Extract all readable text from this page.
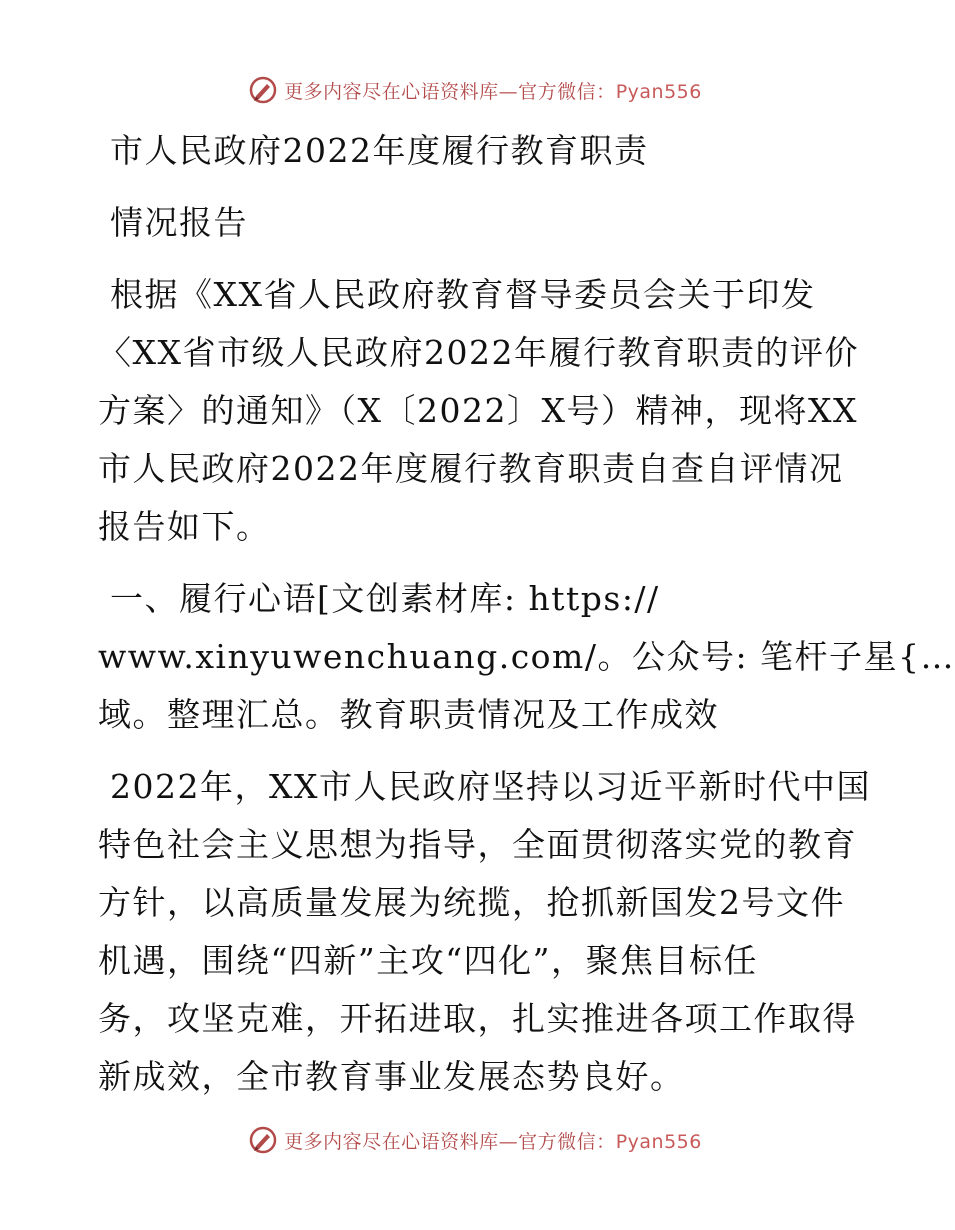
更多内容尽在心语资料库—官方微信：Pyan556
市人民政府2022年度履行教育职责
情况报告
根据《XX省人民政府教育督导委员会关于印发
〈XX省市级人民政府2022年履行教育职责的评价
方案〉的通知》（X〔2022〕X号）精神，现将XX
市人民政府2022年度履行教育职责自查自评情况
报告如下。
一、履行心语[文创素材库: https://
www.xinyuwenchuang.com/。公众号: 笔杆子星{…
域。整理汇总。教育职责情况及工作成效
2022年，XX市人民政府坚持以习近平新时代中国
特色社会主义思想为指导，全面贯彻落实党的教育
方针，以高质量发展为统揽，抢抓新国发2号文件
机遇，围绕“四新”主攻“四化”，聚焦目标任
务，攻坚克难，开拓进取，扎实推进各项工作取得
新成效，全市教育事业发展态势良好。
更多内容尽在心语资料库—官方微信：Pyan556
